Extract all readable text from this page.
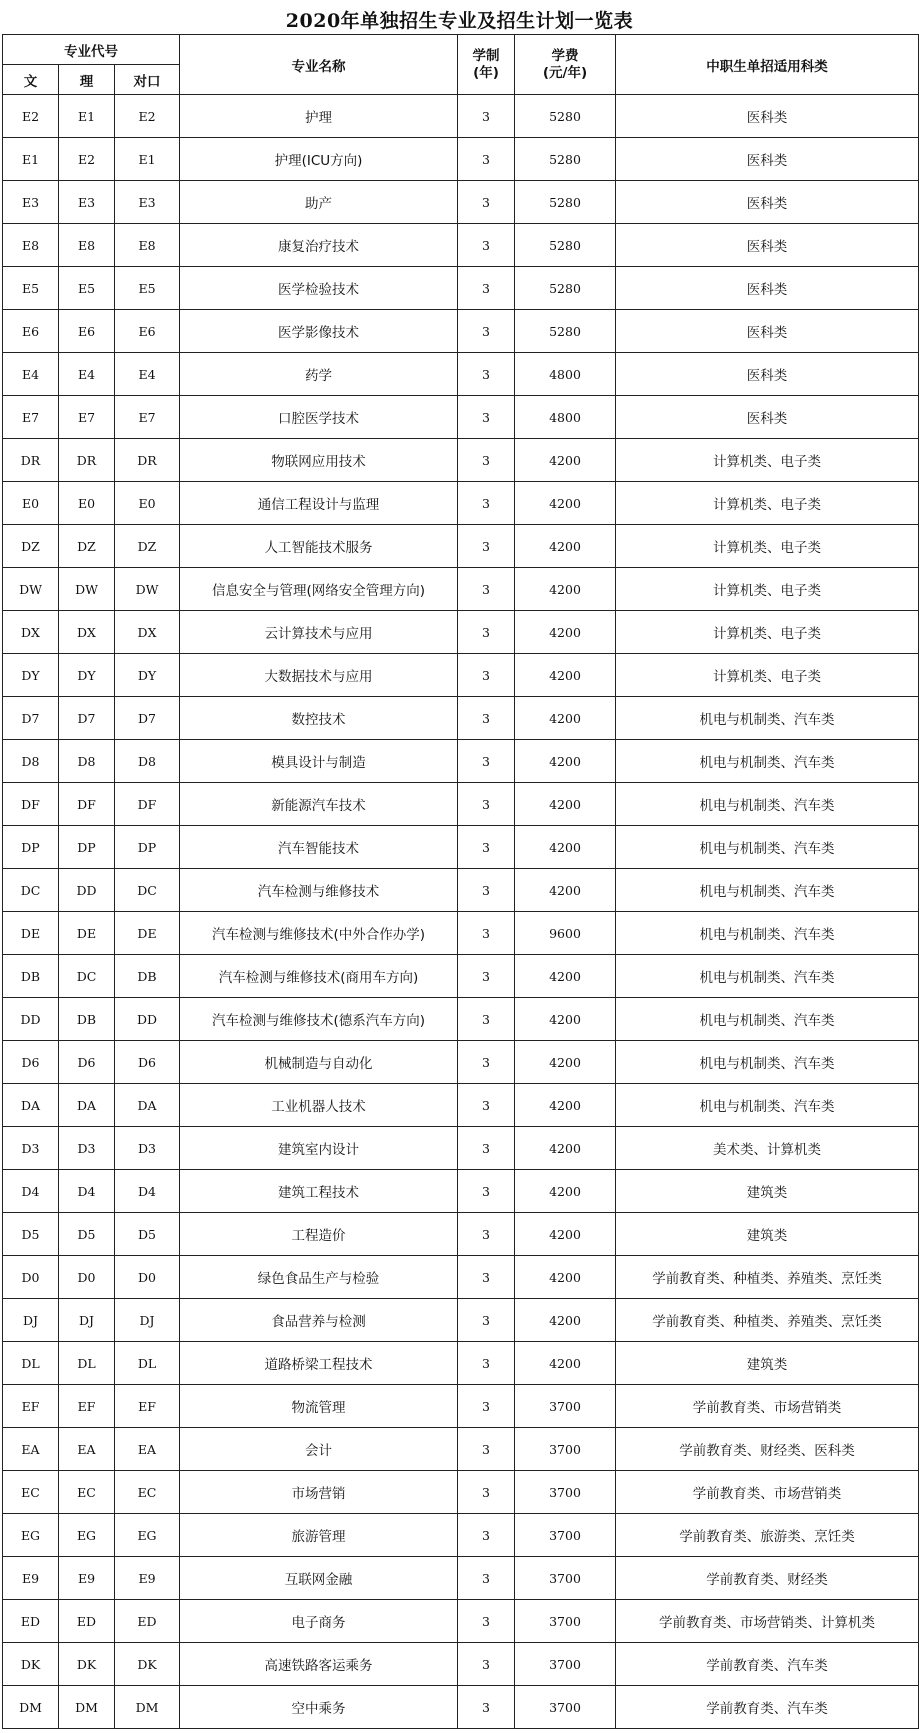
2020年单独招生专业及招生计划一览表
专业代号			专业名称	学制
(年)	学费
(元/年)	中职生单招适用科类
文	理	对口				
E2	E1	E2	护理	3	5280	医科类
E1	E2	E1	护理(ICU方向)	3	5280	医科类
E3	E3	E3	助产	3	5280	医科类
E8	E8	E8	康复治疗技术	3	5280	医科类
E5	E5	E5	医学检验技术	3	5280	医科类
E6	E6	E6	医学影像技术	3	5280	医科类
E4	E4	E4	药学	3	4800	医科类
E7	E7	E7	口腔医学技术	3	4800	医科类
DR	DR	DR	物联网应用技术	3	4200	计算机类、电子类
E0	E0	E0	通信工程设计与监理	3	4200	计算机类、电子类
DZ	DZ	DZ	人工智能技术服务	3	4200	计算机类、电子类
DW	DW	DW	信息安全与管理(网络安全管理方向)	3	4200	计算机类、电子类
DX	DX	DX	云计算技术与应用	3	4200	计算机类、电子类
DY	DY	DY	大数据技术与应用	3	4200	计算机类、电子类
D7	D7	D7	数控技术	3	4200	机电与机制类、汽车类
D8	D8	D8	模具设计与制造	3	4200	机电与机制类、汽车类
DF	DF	DF	新能源汽车技术	3	4200	机电与机制类、汽车类
DP	DP	DP	汽车智能技术	3	4200	机电与机制类、汽车类
DC	DD	DC	汽车检测与维修技术	3	4200	机电与机制类、汽车类
DE	DE	DE	汽车检测与维修技术(中外合作办学)	3	9600	机电与机制类、汽车类
DB	DC	DB	汽车检测与维修技术(商用车方向)	3	4200	机电与机制类、汽车类
DD	DB	DD	汽车检测与维修技术(德系汽车方向)	3	4200	机电与机制类、汽车类
D6	D6	D6	机械制造与自动化	3	4200	机电与机制类、汽车类
DA	DA	DA	工业机器人技术	3	4200	机电与机制类、汽车类
D3	D3	D3	建筑室内设计	3	4200	美术类、计算机类
D4	D4	D4	建筑工程技术	3	4200	建筑类
D5	D5	D5	工程造价	3	4200	建筑类
D0	D0	D0	绿色食品生产与检验	3	4200	学前教育类、种植类、养殖类、烹饪类
DJ	DJ	DJ	食品营养与检测	3	4200	学前教育类、种植类、养殖类、烹饪类
DL	DL	DL	道路桥梁工程技术	3	4200	建筑类
EF	EF	EF	物流管理	3	3700	学前教育类、市场营销类
EA	EA	EA	会计	3	3700	学前教育类、财经类、医科类
EC	EC	EC	市场营销	3	3700	学前教育类、市场营销类
EG	EG	EG	旅游管理	3	3700	学前教育类、旅游类、烹饪类
E9	E9	E9	互联网金融	3	3700	学前教育类、财经类
ED	ED	ED	电子商务	3	3700	学前教育类、市场营销类、计算机类
DK	DK	DK	高速铁路客运乘务	3	3700	学前教育类、汽车类
DM	DM	DM	空中乘务	3	3700	学前教育类、汽车类
